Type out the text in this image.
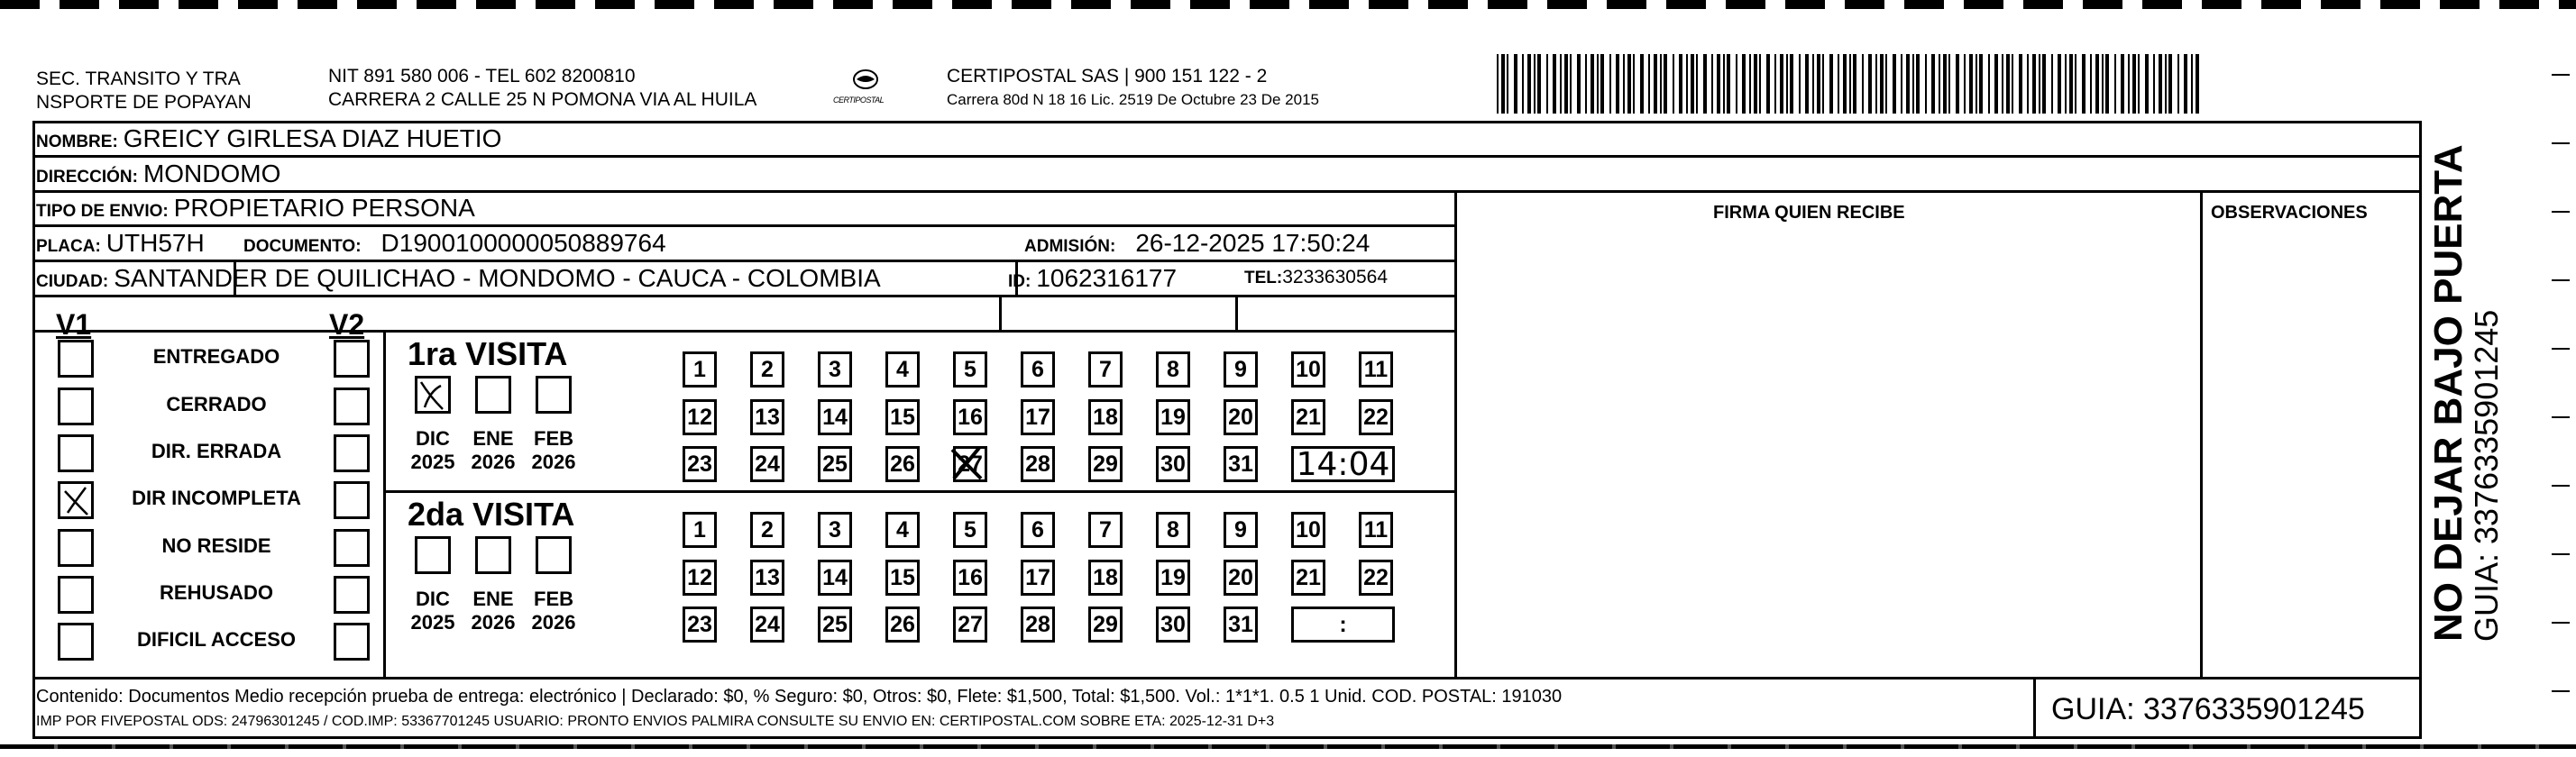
SEC. TRANSITO Y TRA
NSPORTE DE POPAYAN
NIT 891 580 006 - TEL 602 8200810
CARRERA 2 CALLE 25 N POMONA VIA AL HUILA	CERTIPOSTAL
CERTIPOSTAL SAS | 900 151 122 - 2
Carrera 80d N 18 16 Lic. 2519 De Octubre 23 De 2015
NOMBRE: GREICY GIRLESA DIAZ HUETIO
DIRECCIÓN: MONDOMO
TIPO DE ENVIO: PROPIETARIO PERSONA
PLACA: UTH57H DOCUMENTO: D1900100000050889764	ADMISIÓN: 26-12-2025 17:50:24
CIUDAD: SANTANDER DE QUILICHAO - MONDOMO - CAUCA - COLOMBIA	ID: 1062316177	TEL: 3233630564
FIRMA QUIEN RECIBE	OBSERVACIONES
V1	V2
ENTREGADO
CERRADO
DIR. ERRADA
DIR INCOMPLETA
NO RESIDE
REHUSADO
DIFICIL ACCESO
1ra VISITA
DIC
2025
ENE
2026
FEB
2026
1	2	3	4	5	6	7	8	9	10 11
12 13 14 15 16 17 18 19 20 21 22
23 24 25 26 27 28 29 30 31 14:04
2da VISITA
DIC
2025
ENE
2026
FEB
2026
1	2	3	4	5	6	7	8	9	10 11
12 13 14 15 16 17 18 19 20 21 22
23 24 25 26 27 28 29 30 31	:
Contenido: Documentos Medio recepción prueba de entrega: electrónico | Declarado: $0, % Seguro: $0, Otros: $0, Flete: $1,500, Total: $1,500. Vol.: 1*1*1. 0.5 1 Unid. COD. POSTAL: 191030
IMP POR FIVEPOSTAL ODS: 24796301245 / COD.IMP: 53367701245 USUARIO: PRONTO ENVIOS PALMIRA CONSULTE SU ENVIO EN: CERTIPOSTAL.COM SOBRE ETA: 2025-12-31 D+3	GUIA: 3376335901245
NO DEJAR BAJO PUERTA
GUIA: 3376335901245
